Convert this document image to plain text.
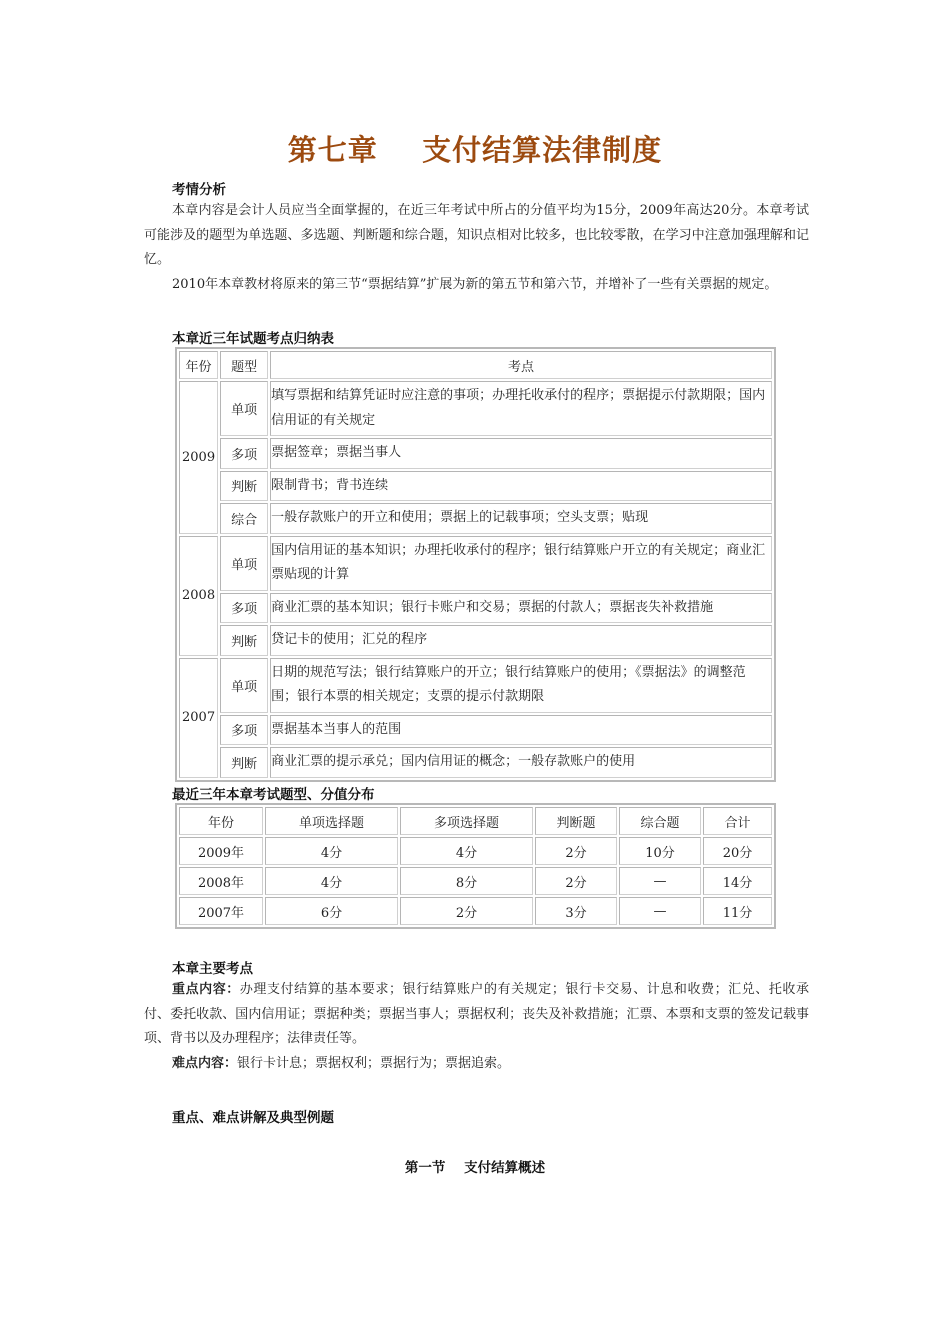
第七章    支付结算法律制度
考情分析

本章内容是会计人员应当全面掌握的，在近三年考试中所占的分值平均为15分，2009年高达20分。本章考试可能涉及的题型为单选题、多选题、判断题和综合题，知识点相对比较多，也比较零散，在学习中注意加强理解和记忆。

2010年本章教材将原来的第三节“票据结算”扩展为新的第五节和第六节，并增补了一些有关票据的规定。

本章近三年试题考点归纳表
年份	题型	考点
2009	单项	填写票据和结算凭证时应注意的事项；办理托收承付的程序；票据提示付款期限；国内信用证的有关规定
	多项	票据签章；票据当事人
	判断	限制背书；背书连续
	综合	一般存款账户的开立和使用；票据上的记载事项；空头支票；贴现
2008	单项	国内信用证的基本知识；办理托收承付的程序；银行结算账户开立的有关规定；商业汇票贴现的计算
	多项	商业汇票的基本知识；银行卡账户和交易；票据的付款人；票据丧失补救措施
	判断	贷记卡的使用；汇兑的程序
2007	单项	日期的规范写法；银行结算账户的开立；银行结算账户的使用；《票据法》的调整范围；银行本票的相关规定；支票的提示付款期限
	多项	票据基本当事人的范围
	判断	商业汇票的提示承兑；国内信用证的概念；一般存款账户的使用
最近三年本章考试题型、分值分布
年份	单项选择题	多项选择题	判断题	综合题	合计
2009年	4分	4分	2分	10分	20分
2008年	4分	8分	2分	—	14分
2007年	6分	2分	3分	—	11分
本章主要考点

重点内容：办理支付结算的基本要求；银行结算账户的有关规定；银行卡交易、计息和收费；汇兑、托收承付、委托收款、国内信用证；票据种类；票据当事人；票据权利；丧失及补救措施；汇票、本票和支票的签发记载事项、背书以及办理程序；法律责任等。

难点内容：银行卡计息；票据权利；票据行为；票据追索。

重点、难点讲解及典型例题
第一节    支付结算概述
